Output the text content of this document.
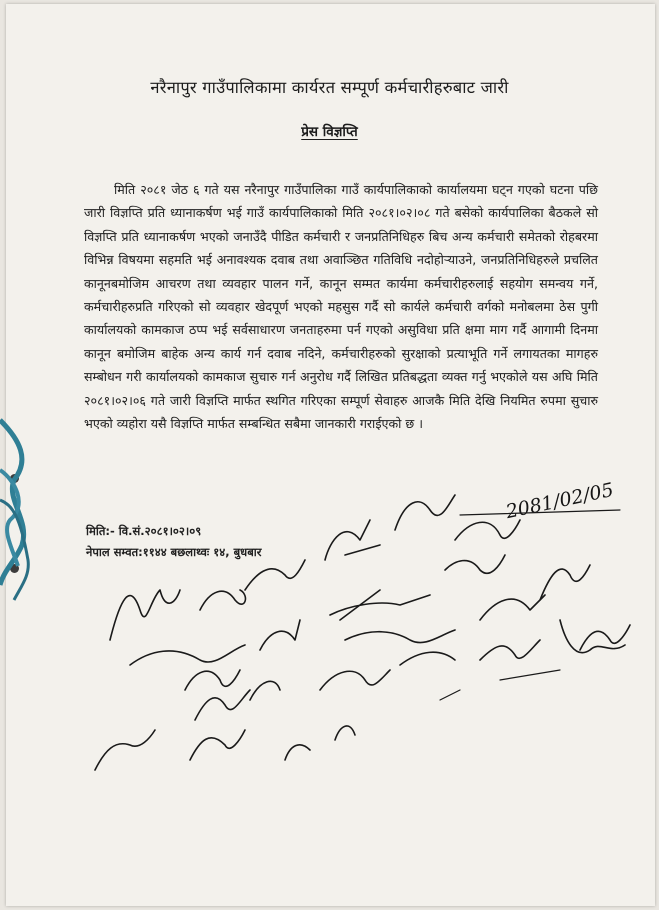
नरैनापुर गाउँपालिकामा कार्यरत सम्पूर्ण कर्मचारीहरुबाट जारी
प्रेस विज्ञप्ति

मिति २०८१ जेठ ६ गते यस नरैनापुर गाउँपालिका गाउँ कार्यपालिकाको कार्यालयमा घट्न गएको घटना पछि जारी विज्ञप्ति प्रति ध्यानाकर्षण भई गाउँ कार्यपालिकाको मिति २०८१।०२।०८ गते बसेको कार्यपालिका बैठकले सो विज्ञप्ति प्रति ध्यानाकर्षण भएको जनाउँदै पीडित कर्मचारी र जनप्रतिनिधिहरु बिच अन्य कर्मचारी समेतको रोहबरमा विभिन्न विषयमा सहमति भई अनावश्यक दवाब तथा अवाञ्छित गतिविधि नदोहोऱ्याउने, जनप्रतिनिधिहरुले प्रचलित कानूनबमोजिम आचरण तथा व्यवहार पालन गर्ने, कानून सम्मत कार्यमा कर्मचारीहरुलाई सहयोग समन्वय गर्ने, कर्मचारीहरुप्रति गरिएको सो व्यवहार खेदपूर्ण भएको महसुस गर्दै सो कार्यले कर्मचारी वर्गको मनोबलमा ठेस पुगी कार्यालयको कामकाज ठप्प भई सर्वसाधारण जनताहरुमा पर्न गएको असुविधा प्रति क्षमा माग गर्दै आगामी दिनमा कानून बमोजिम बाहेक अन्य कार्य गर्न दवाब नदिने, कर्मचारीहरुको सुरक्षाको प्रत्याभूति गर्ने लगायतका मागहरु सम्बोधन गरी कार्यालयको कामकाज सुचारु गर्न अनुरोध गर्दै लिखित प्रतिबद्धता व्यक्त गर्नु भएकोले यस अघि मिति २०८१।०२।०६ गते जारी विज्ञप्ति मार्फत स्थगित गरिएका सम्पूर्ण सेवाहरु आजकै मिति देखि नियमित रुपमा सुचारु भएको व्यहोरा यसै विज्ञप्ति मार्फत सम्बन्धित सबैमा जानकारी गराईएको छ ।

मिति:- वि.सं.२०८१।०२।०९
नेपाल सम्वत:११४४ बछलाथ्वः १४, बुधबार
2081/02/05
